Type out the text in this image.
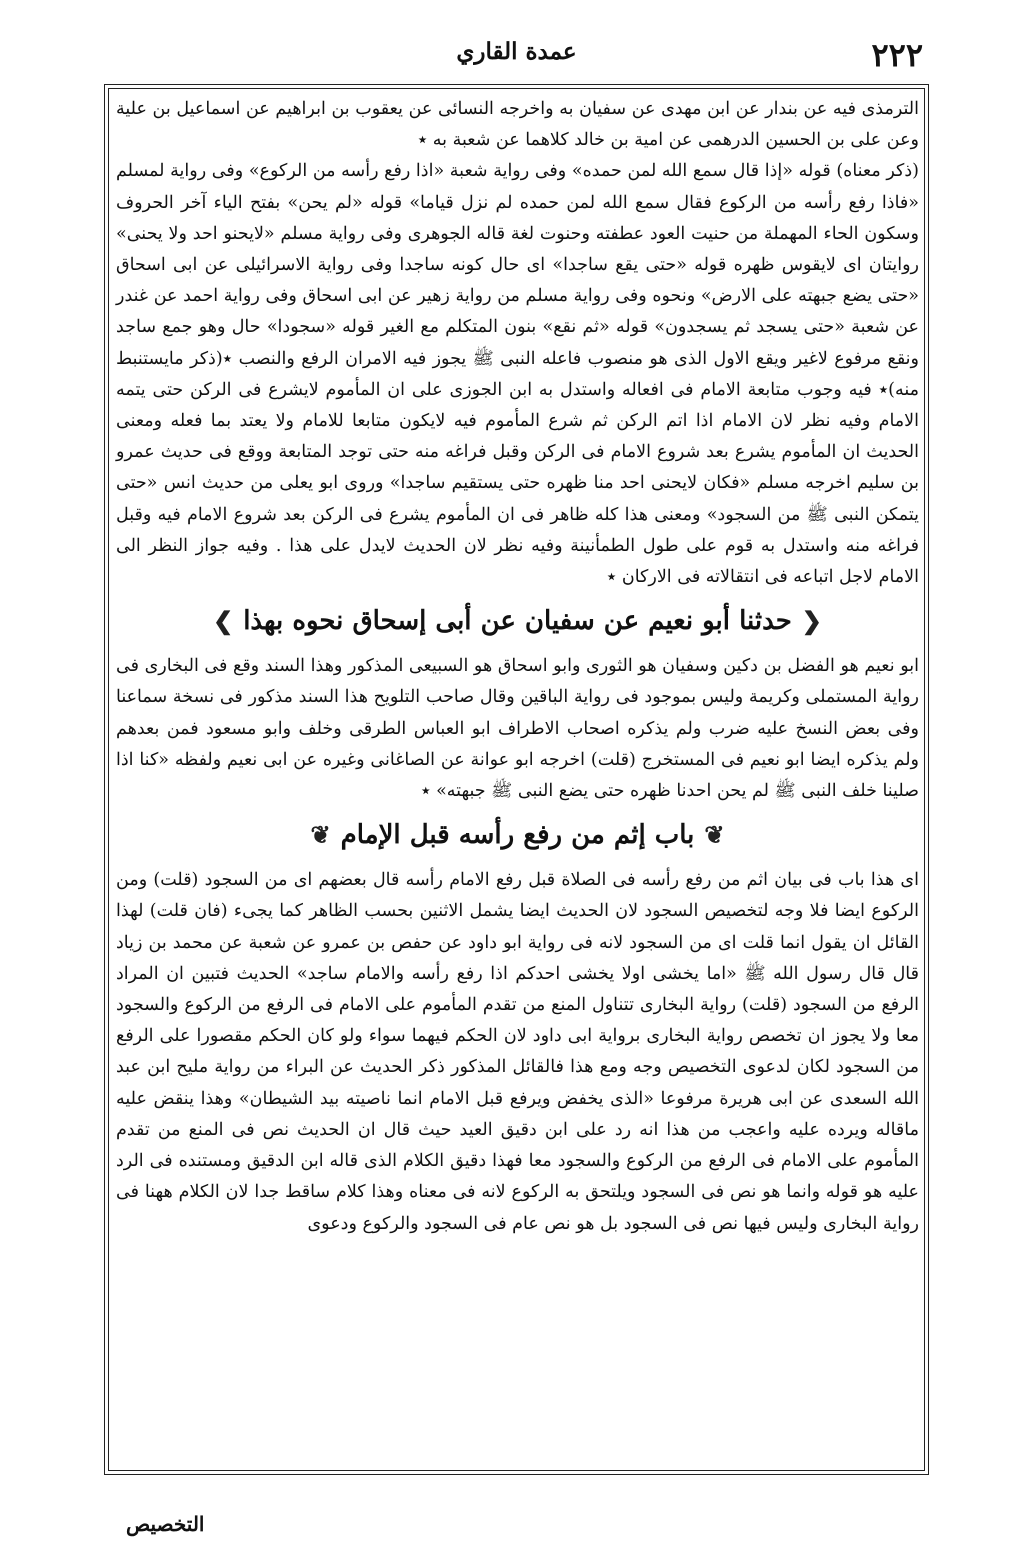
٢٢٢
عمدة القاري

الترمذى فيه عن بندار عن ابن مهدى عن سفيان به واخرجه النسائى عن يعقوب بن ابراهيم عن اسماعيل بن علية وعن على بن الحسين الدرهمى عن امية بن خالد كلاهما عن شعبة به ٭

(ذكر معناه) قوله «إذا قال سمع الله لمن حمده» وفى رواية شعبة «اذا رفع رأسه من الركوع» وفى رواية لمسلم «فاذا رفع رأسه من الركوع فقال سمع الله لمن حمده لم نزل قياما» قوله «لم يحن» بفتح الياء آخر الحروف وسكون الحاء المهملة من حنيت العود عطفته وحنوت لغة قاله الجوهرى وفى رواية مسلم «لايحنو احد ولا يحنى» روايتان اى لايقوس ظهره قوله «حتى يقع ساجدا» اى حال كونه ساجدا وفى رواية الاسرائيلى عن ابى اسحاق «حتى يضع جبهته على الارض» ونحوه وفى رواية مسلم من رواية زهير عن ابى اسحاق وفى رواية احمد عن غندر عن شعبة «حتى يسجد ثم يسجدون» قوله «ثم نقع» بنون المتكلم مع الغير قوله «سجودا» حال وهو جمع ساجد ونقع مرفوع لاغير ويقع الاول الذى هو منصوب فاعله النبى ﷺ يجوز فيه الامران الرفع والنصب ٭(ذكر مايستنبط منه)٭ فيه وجوب متابعة الامام فى افعاله واستدل به ابن الجوزى على ان المأموم لايشرع فى الركن حتى يتمه الامام وفيه نظر لان الامام اذا اتم الركن ثم شرع المأموم فيه لايكون متابعا للامام ولا يعتد بما فعله ومعنى الحديث ان المأموم يشرع بعد شروع الامام فى الركن وقبل فراغه منه حتى توجد المتابعة ووقع فى حديث عمرو بن سليم اخرجه مسلم «فكان لايحنى احد منا ظهره حتى يستقيم ساجدا» وروى ابو يعلى من حديث انس «حتى يتمكن النبى ﷺ من السجود» ومعنى هذا كله ظاهر فى ان المأموم يشرع فى الركن بعد شروع الامام فيه وقبل فراغه منه واستدل به قوم على طول الطمأنينة وفيه نظر لان الحديث لايدل على هذا . وفيه جواز النظر الى الامام لاجل اتباعه فى انتقالاته فى الاركان ٭

❮حدثنا أبو نعيم عن سفيان عن أبى إسحاق نحوه بهذا❯

ابو نعيم هو الفضل بن دكين وسفيان هو الثورى وابو اسحاق هو السبيعى المذكور وهذا السند وقع فى البخارى فى رواية المستملى وكريمة وليس بموجود فى رواية الباقين وقال صاحب التلويح هذا السند مذكور فى نسخة سماعنا وفى بعض النسخ عليه ضرب ولم يذكره اصحاب الاطراف ابو العباس الطرقى وخلف وابو مسعود فمن بعدهم ولم يذكره ايضا ابو نعيم فى المستخرج (قلت) اخرجه ابو عوانة عن الصاغانى وغيره عن ابى نعيم ولفظه «كنا اذا صلينا خلف النبى ﷺ لم يحن احدنا ظهره حتى يضع النبى ﷺ جبهته» ٭

❦باب إثم من رفع رأسه قبل الإمام❦

اى هذا باب فى بيان اثم من رفع رأسه فى الصلاة قبل رفع الامام رأسه قال بعضهم اى من السجود (قلت) ومن الركوع ايضا فلا وجه لتخصيص السجود لان الحديث ايضا يشمل الاثنين بحسب الظاهر كما يجىء (فان قلت) لهذا القائل ان يقول انما قلت اى من السجود لانه فى رواية ابو داود عن حفص بن عمرو عن شعبة عن محمد بن زياد قال قال رسول الله ﷺ «اما يخشى اولا يخشى احدكم اذا رفع رأسه والامام ساجد» الحديث فتبين ان المراد الرفع من السجود (قلت) رواية البخارى تتناول المنع من تقدم المأموم على الامام فى الرفع من الركوع والسجود معا ولا يجوز ان تخصص رواية البخارى برواية ابى داود لان الحكم فيهما سواء ولو كان الحكم مقصورا على الرفع من السجود لكان لدعوى التخصيص وجه ومع هذا فالقائل المذكور ذكر الحديث عن البراء من رواية مليح ابن عبد الله السعدى عن ابى هريرة مرفوعا «الذى يخفض ويرفع قبل الامام انما ناصيته بيد الشيطان» وهذا ينقض عليه ماقاله ويرده عليه واعجب من هذا انه رد على ابن دقيق العيد حيث قال ان الحديث نص فى المنع من تقدم المأموم على الامام فى الرفع من الركوع والسجود معا فهذا دقيق الكلام الذى قاله ابن الدقيق ومستنده فى الرد عليه هو قوله وانما هو نص فى السجود ويلتحق به الركوع لانه فى معناه وهذا كلام ساقط جدا لان الكلام ههنا فى رواية البخارى وليس فيها نص فى السجود بل هو نص عام فى السجود والركوع ودعوى

التخصيص
